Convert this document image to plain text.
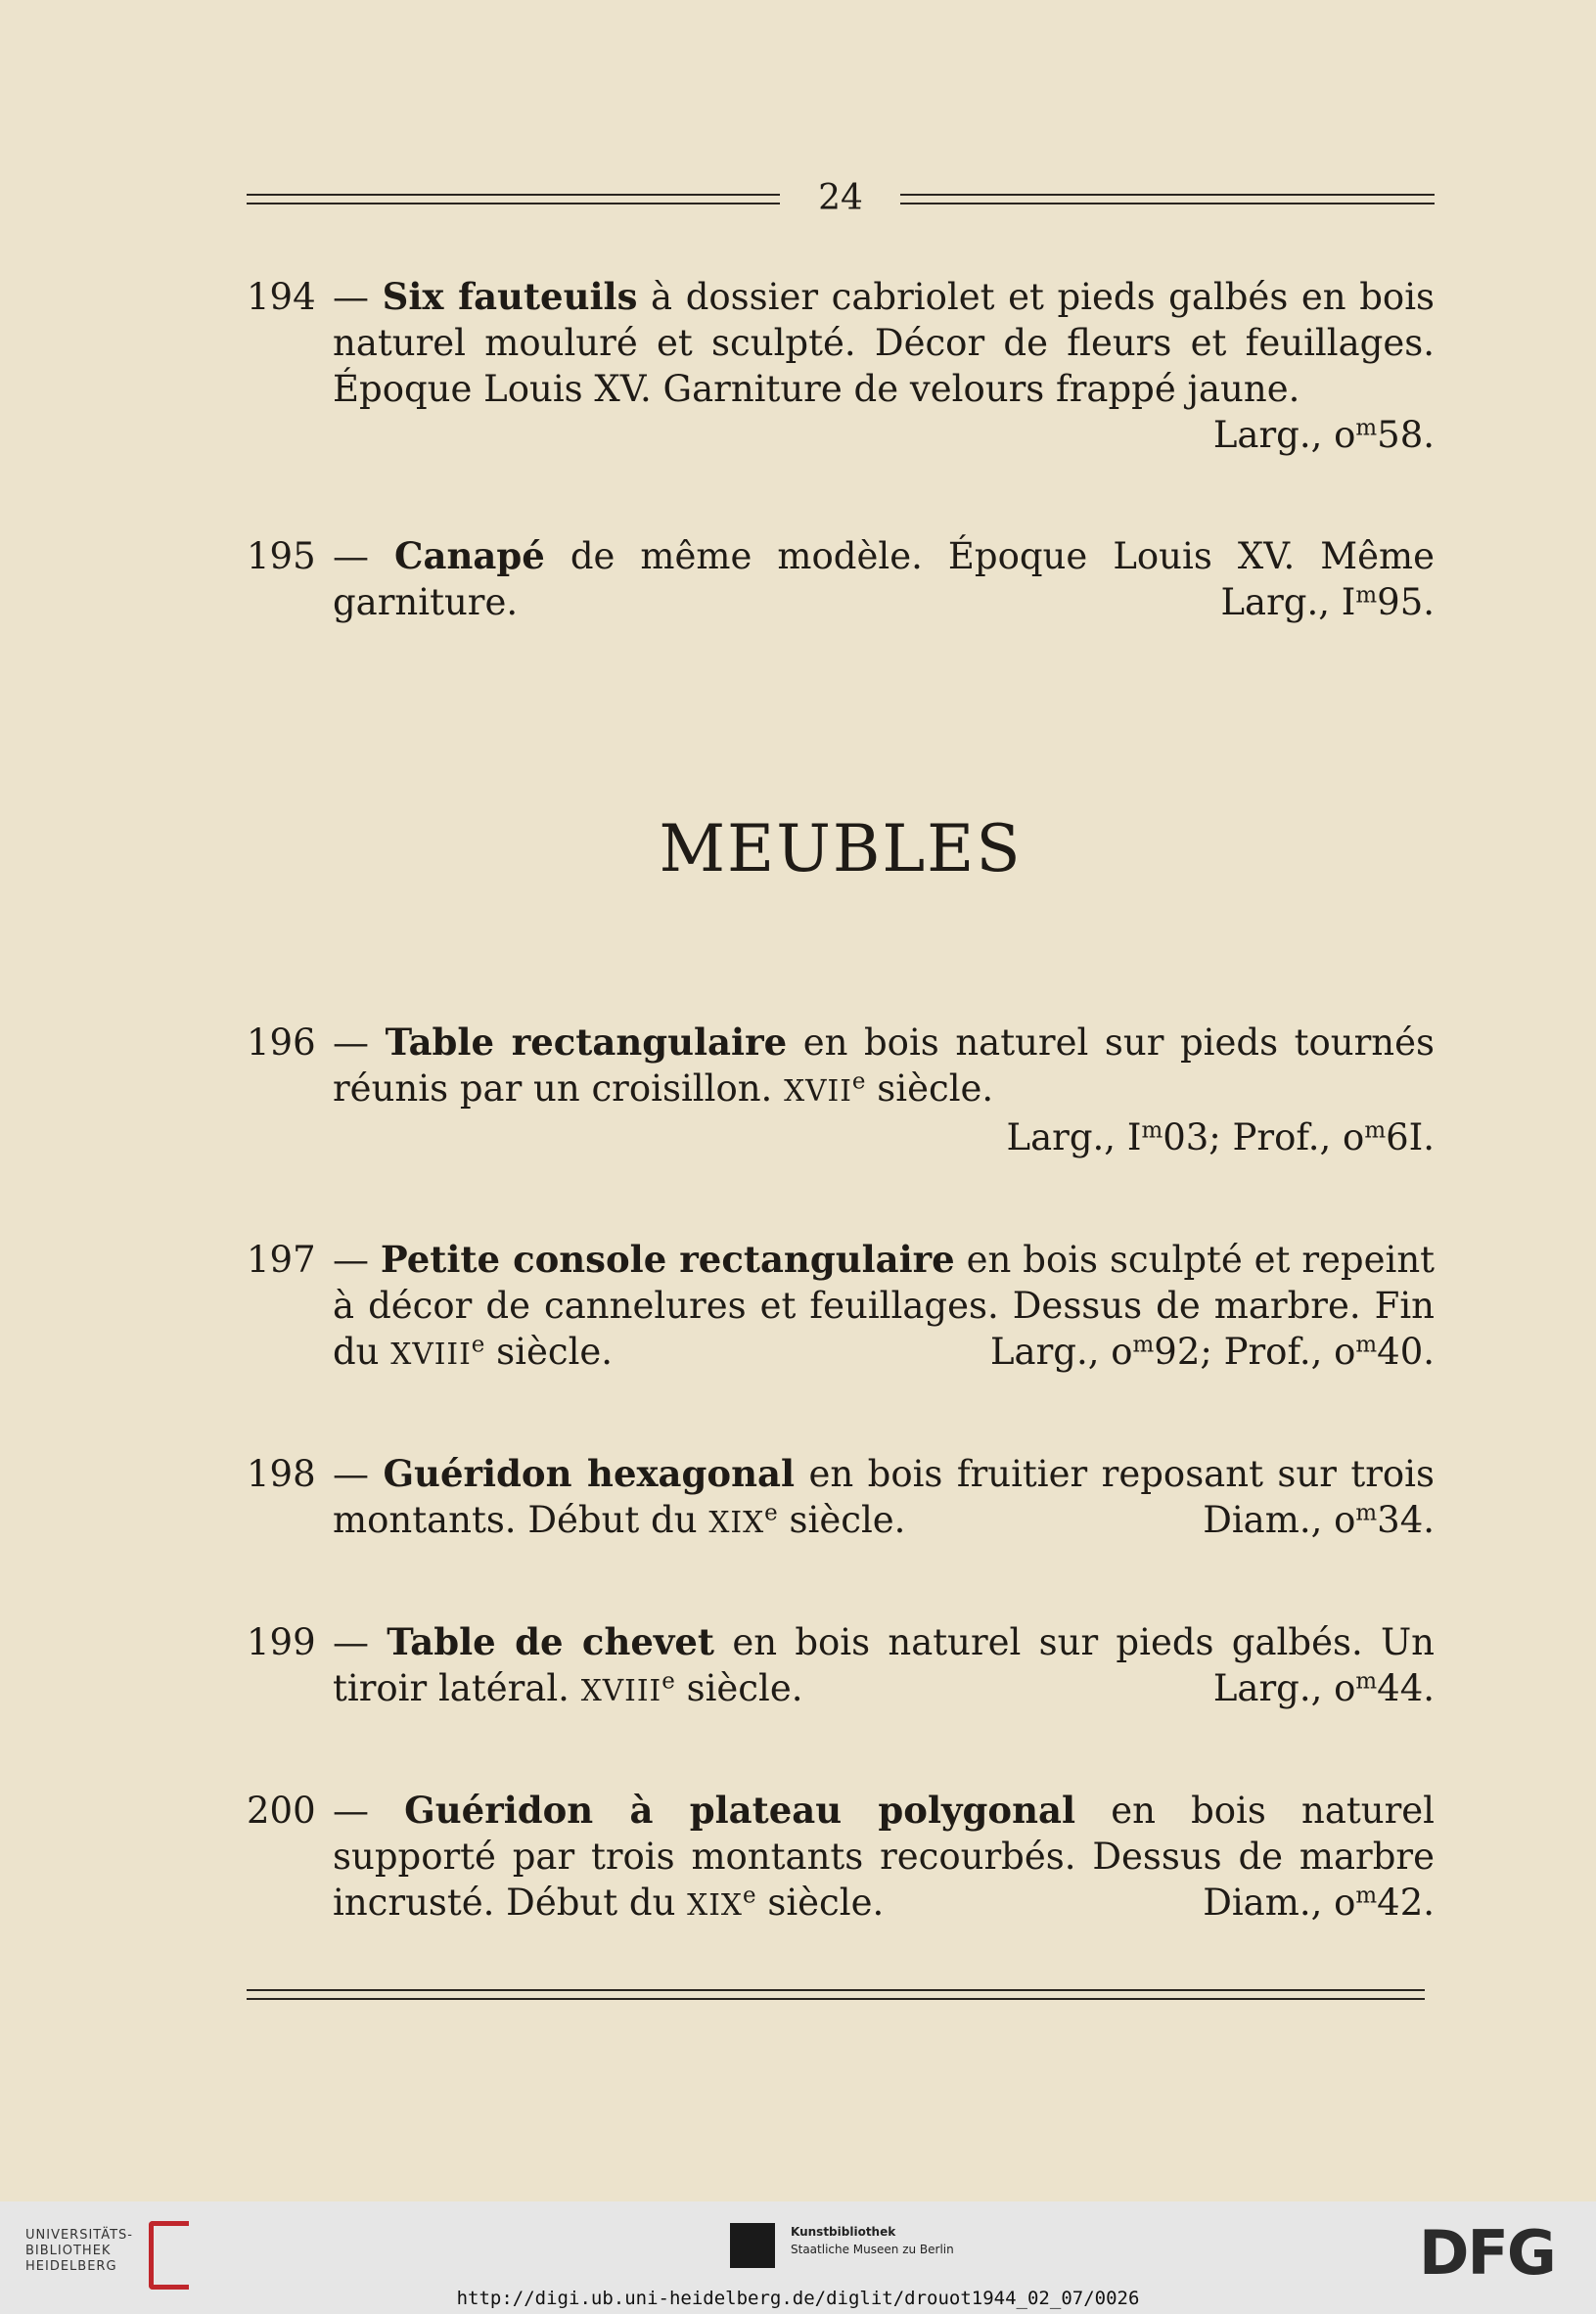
24
194 — Six fauteuils à dossier cabriolet et pieds galbés en bois naturel mouluré et sculpté. Décor de fleurs et feuillages. Époque Louis XV. Garniture de velours frappé jaune.
Larg., $o^m58$.
195 — Canapé de même modèle. Époque Louis XV. Même garniture.	Larg., $I^m95$.
MEUBLES
196 — Table rectangulaire en bois naturel sur pieds tournés réunis par un croisillon. XVIIe siècle.
Larg., $I^m03$; Prof., $o^m6I$.
197 — Petite console rectangulaire en bois sculpté et repeint à décor de cannelures et feuillages. Dessus de marbre. Fin du XVIIIe siècle.	Larg., $o^m92$; Prof., $o^m40$.
198 — Guéridon hexagonal en bois fruitier reposant sur trois montants. Début du XIXe siècle.	Diam., $o^m34$.
199 — Table de chevet en bois naturel sur pieds galbés. Un tiroir latéral. XVIIIe siècle.	Larg., $o^m44$.
200 — Guéridon à plateau polygonal en bois naturel supporté par trois montants recourbés. Dessus de marbre incrusté. Début du XIXe siècle.	Diam., $o^m42$.
UNIVERSITÄTS-
BIBLIOTHEK
HEIDELBERG
Kunstbibliothek
Staatliche Museen zu Berlin	DFG
http://digi.ub.uni-heidelberg.de/diglit/drouot1944_02_07/0026
